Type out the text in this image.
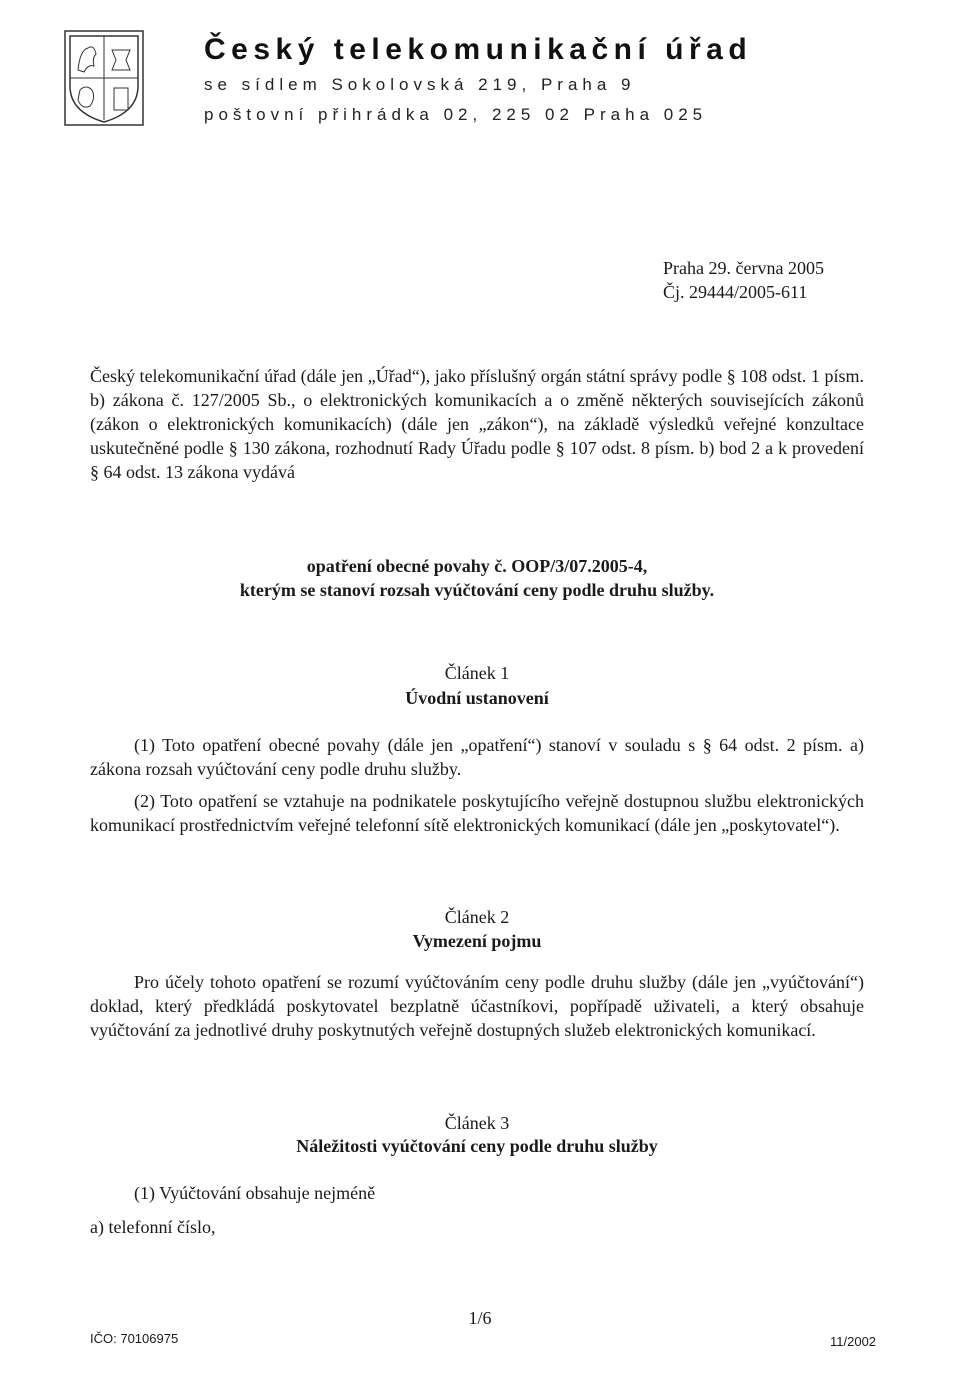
Český telekomunikační úřad
se sídlem Sokolovská 219, Praha 9
poštovní přihrádka 02, 225 02 Praha 025
Praha 29. června 2005
Čj. 29444/2005-611
Český telekomunikační úřad (dále jen „Úřad“), jako příslušný orgán státní správy podle § 108 odst. 1 písm. b) zákona č. 127/2005 Sb., o elektronických komunikacích a o změně některých souvisejících zákonů (zákon o elektronických komunikacích) (dále jen „zákon“), na základě výsledků veřejné konzultace uskutečněné podle § 130 zákona, rozhodnutí Rady Úřadu podle § 107 odst. 8 písm. b) bod 2 a k provedení § 64 odst. 13 zákona vydává
opatření obecné povahy č. OOP/3/07.2005-4,
kterým se stanoví rozsah vyúčtování ceny podle druhu služby.
Článek 1
Úvodní ustanovení
(1) Toto opatření obecné povahy (dále jen „opatření“) stanoví v souladu s § 64 odst. 2 písm. a) zákona rozsah vyúčtování ceny podle druhu služby.
(2) Toto opatření se vztahuje na podnikatele poskytujícího veřejně dostupnou službu elektronických komunikací prostřednictvím veřejné telefonní sítě elektronických komunikací (dále jen „poskytovatel“).
Článek 2
Vymezení pojmu
Pro účely tohoto opatření se rozumí vyúčtováním ceny podle druhu služby (dále jen „vyúčtování“) doklad, který předkládá poskytovatel bezplatně účastníkovi, popřípadě uživateli, a který obsahuje vyúčtování za jednotlivé druhy poskytnutých veřejně dostupných služeb elektronických komunikací.
Článek 3
Náležitosti vyúčtování ceny podle druhu služby
(1) Vyúčtování obsahuje nejméně
a) telefonní číslo,
1/6
IČO: 70106975	11/2002
